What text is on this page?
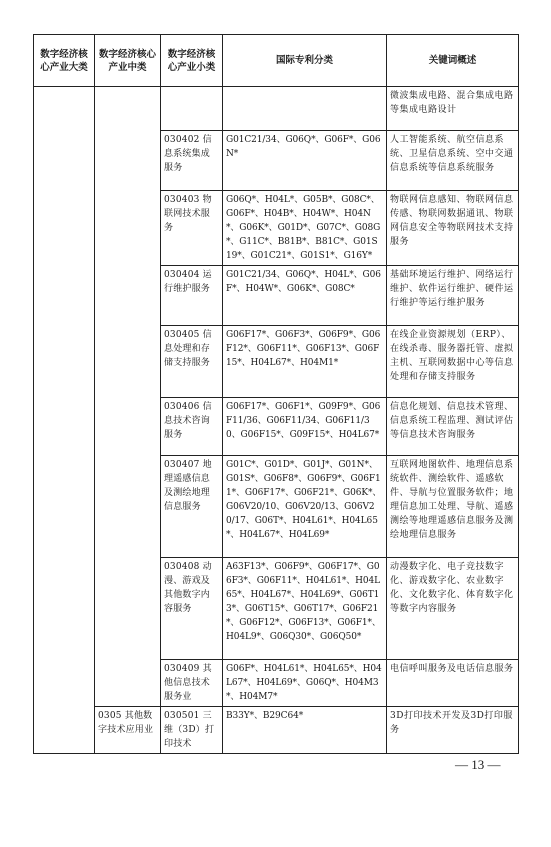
数字经济核心产业大类	数字经济核心产业中类	数字经济核心产业小类	国际专利分类	关键词概述
				微波集成电路、混合集成电路等集成电路设计
		030402 信息系统集成服务	G01C21/34、G06Q*、G06F*、G06N*	人工智能系统、航空信息系统、卫星信息系统、空中交通信息系统等信息系统服务
		030403 物联网技术服务	G06Q*、H04L*、G05B*、G08C*、G06F*、H04B*、H04W*、H04N*、G06K*、G01D*、G07C*、G08G*、G11C*、B81B*、B81C*、G01S19*、G01C21*、G01S1*、G16Y*	物联网信息感知、物联网信息传感、物联网数据通讯、物联网信息安全等物联网技术支持服务
		030404 运行维护服务	G01C21/34、G06Q*、H04L*、G06F*、H04W*、G06K*、G08C*	基础环境运行维护、网络运行维护、软件运行维护、硬件运行维护等运行维护服务
		030405 信息处理和存储支持服务	G06F17*、G06F3*、G06F9*、G06F12*、G06F11*、G06F13*、G06F15*、H04L67*、H04M1*	在线企业资源规划（ERP）、在线杀毒、服务器托管、虚拟主机、互联网数据中心等信息处理和存储支持服务
		030406 信息技术咨询服务	G06F17*、G06F1*、G09F9*、G06F11/36、G06F11/34、G06F11/30、G06F15*、G09F15*、H04L67*	信息化规划、信息技术管理、信息系统工程监理、测试评估等信息技术咨询服务
		030407 地理遥感信息及测绘地理信息服务	G01C*、G01D*、G01J*、G01N*、G01S*、G06F8*、G06F9*、G06F11*、G06F17*、G06F21*、G06K*、G06V20/10、G06V20/13、G06V20/17、G06T*、H04L61*、H04L65*、H04L67*、H04L69*	互联网地图软件、地理信息系统软件、测绘软件、遥感软件、导航与位置服务软件；地理信息加工处理、导航、遥感测绘等地理遥感信息服务及测绘地理信息服务
		030408 动漫、游戏及其他数字内容服务	A63F13*、G06F9*、G06F17*、G06F3*、G06F11*、H04L61*、H04L65*、H04L67*、H04L69*、G06T13*、G06T15*、G06T17*、G06F21*、G06F12*、G06F13*、G06F1*、H04L9*、G06Q30*、G06Q50*	动漫数字化、电子竞技数字化、游戏数字化、农业数字化、文化数字化、体育数字化等数字内容服务
		030409 其他信息技术服务业	G06F*、H04L61*、H04L65*、H04L67*、H04L69*、G06Q*、H04M3*、H04M7*	电信呼叫服务及电话信息服务
	0305 其他数字技术应用业	030501 三维（3D）打印技术	B33Y*、B29C64*	3D打印技术开发及3D打印服务
— 13 —
